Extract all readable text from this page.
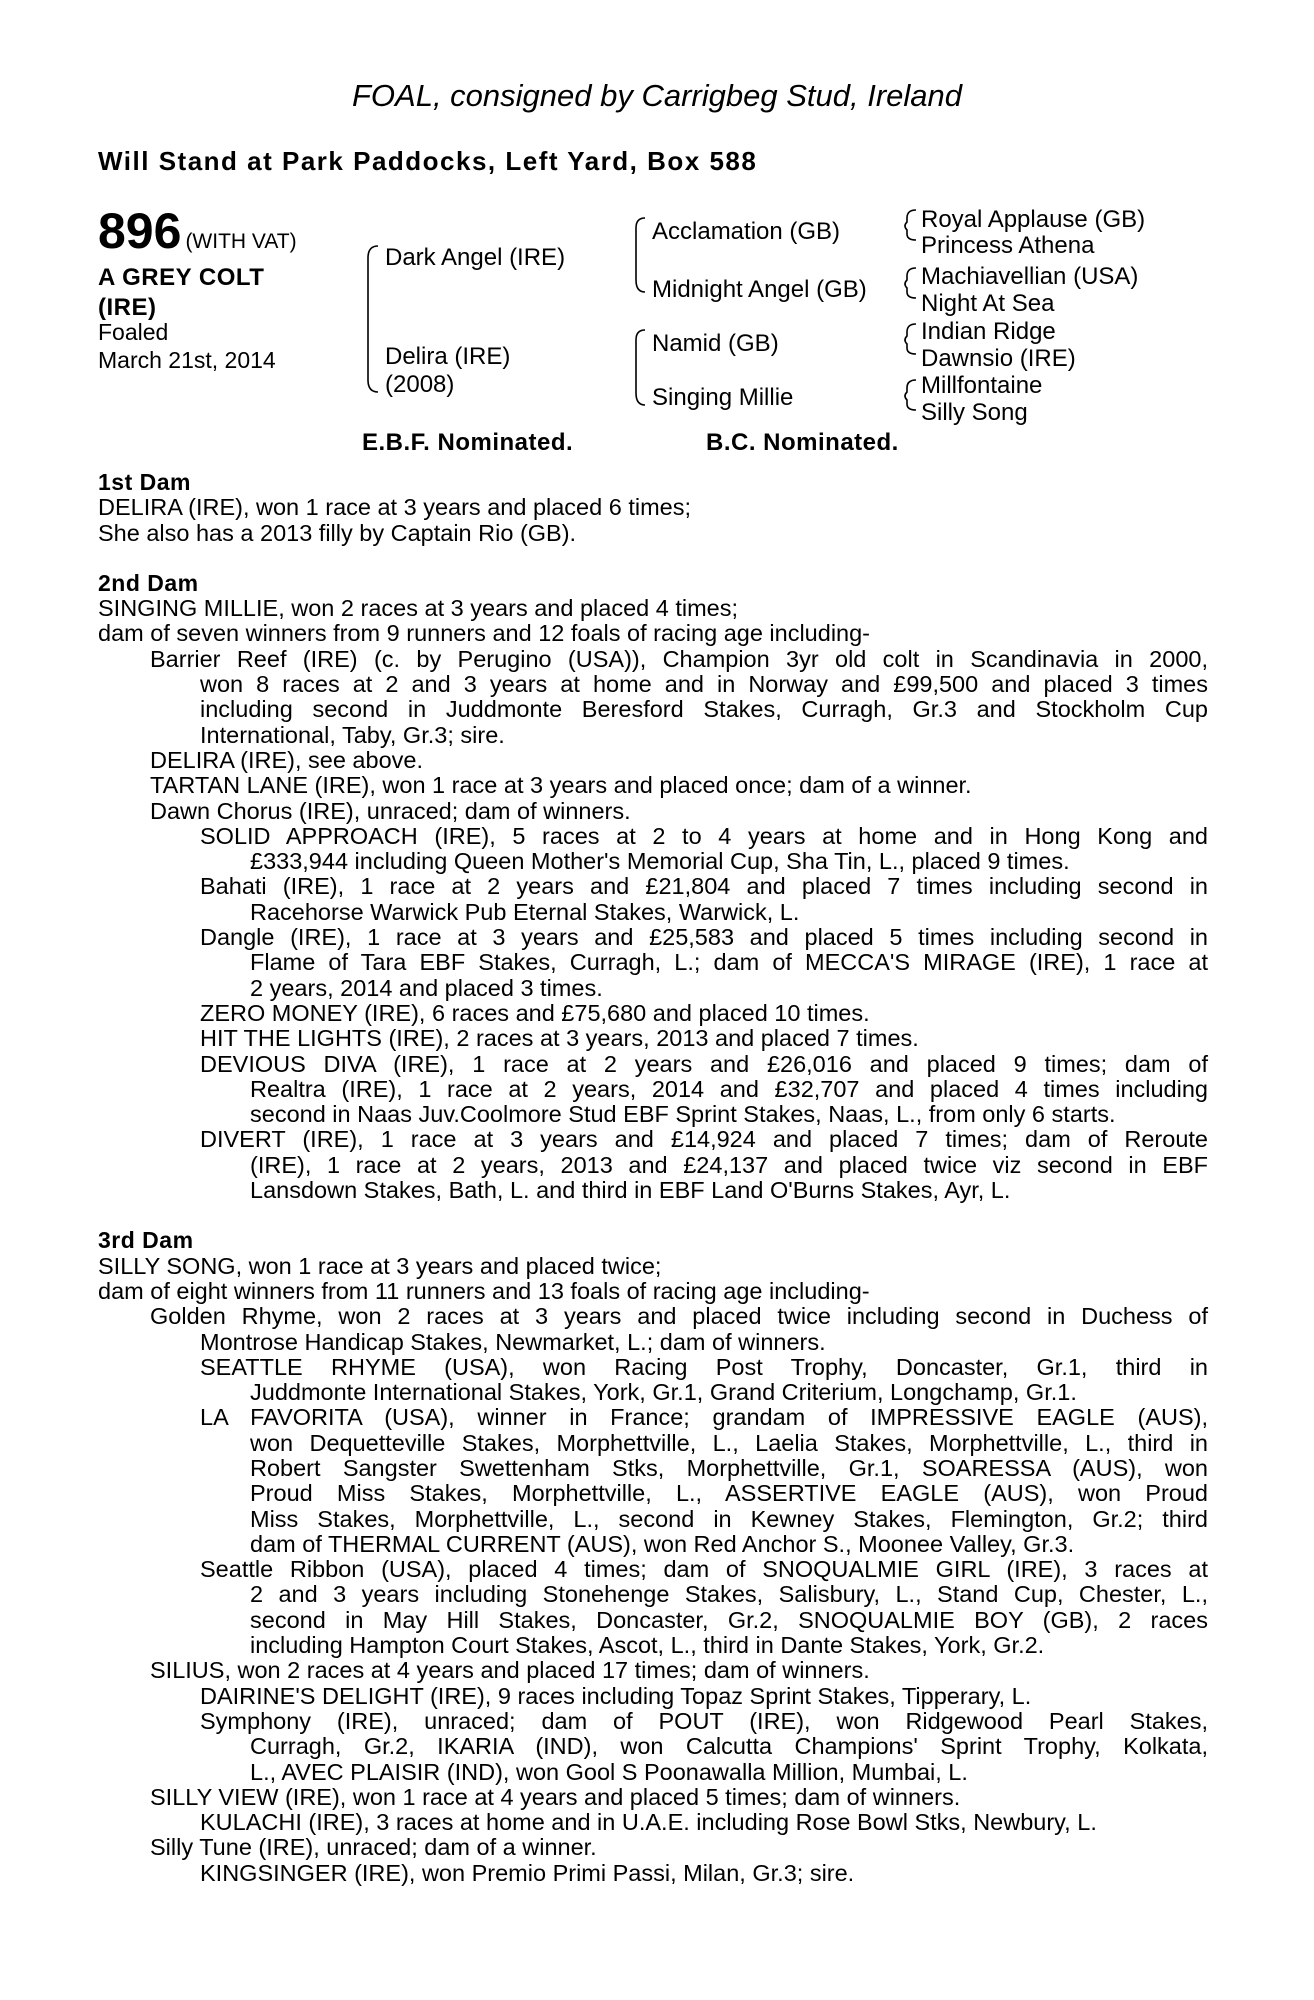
FOAL, consigned by Carrigbeg Stud, Ireland
Will Stand at Park Paddocks, Left Yard, Box 588
896 (WITH VAT)
A GREY COLT
(IRE)
Foaled
March 21st, 2014
Dark Angel (IRE)
Delira (IRE)
(2008)
Acclamation (GB)
Midnight Angel (GB)
Namid (GB)
Singing Millie
Royal Applause (GB)
Princess Athena
Machiavellian (USA)
Night At Sea
Indian Ridge
Dawnsio (IRE)
Millfontaine
Silly Song
E.B.F. Nominated.	B.C. Nominated.
1st Dam
DELIRA (IRE), won 1 race at 3 years and placed 6 times;
She also has a 2013 filly by Captain Rio (GB).
2nd Dam
SINGING MILLIE, won 2 races at 3 years and placed 4 times;
dam of seven winners from 9 runners and 12 foals of racing age including-
Barrier Reef (IRE) (c. by Perugino (USA)), Champion 3yr old colt in Scandinavia in 2000,
won 8 races at 2 and 3 years at home and in Norway and £99,500 and placed 3 times
including second in Juddmonte Beresford Stakes, Curragh, Gr.3 and Stockholm Cup
International, Taby, Gr.3; sire.
DELIRA (IRE), see above.
TARTAN LANE (IRE), won 1 race at 3 years and placed once; dam of a winner.
Dawn Chorus (IRE), unraced; dam of winners.
SOLID APPROACH (IRE), 5 races at 2 to 4 years at home and in Hong Kong and
£333,944 including Queen Mother's Memorial Cup, Sha Tin, L., placed 9 times.
Bahati (IRE), 1 race at 2 years and £21,804 and placed 7 times including second in
Racehorse Warwick Pub Eternal Stakes, Warwick, L.
Dangle (IRE), 1 race at 3 years and £25,583 and placed 5 times including second in
Flame of Tara EBF Stakes, Curragh, L.; dam of MECCA'S MIRAGE (IRE), 1 race at
2 years, 2014 and placed 3 times.
ZERO MONEY (IRE), 6 races and £75,680 and placed 10 times.
HIT THE LIGHTS (IRE), 2 races at 3 years, 2013 and placed 7 times.
DEVIOUS DIVA (IRE), 1 race at 2 years and £26,016 and placed 9 times; dam of
Realtra (IRE), 1 race at 2 years, 2014 and £32,707 and placed 4 times including
second in Naas Juv.Coolmore Stud EBF Sprint Stakes, Naas, L., from only 6 starts.
DIVERT (IRE), 1 race at 3 years and £14,924 and placed 7 times; dam of Reroute
(IRE), 1 race at 2 years, 2013 and £24,137 and placed twice viz second in EBF
Lansdown Stakes, Bath, L. and third in EBF Land O'Burns Stakes, Ayr, L.
3rd Dam
SILLY SONG, won 1 race at 3 years and placed twice;
dam of eight winners from 11 runners and 13 foals of racing age including-
Golden Rhyme, won 2 races at 3 years and placed twice including second in Duchess of
Montrose Handicap Stakes, Newmarket, L.; dam of winners.
SEATTLE RHYME (USA), won Racing Post Trophy, Doncaster, Gr.1, third in
Juddmonte International Stakes, York, Gr.1, Grand Criterium, Longchamp, Gr.1.
LA FAVORITA (USA), winner in France; grandam of IMPRESSIVE EAGLE (AUS),
won Dequetteville Stakes, Morphettville, L., Laelia Stakes, Morphettville, L., third in
Robert Sangster Swettenham Stks, Morphettville, Gr.1, SOARESSA (AUS), won
Proud Miss Stakes, Morphettville, L., ASSERTIVE EAGLE (AUS), won Proud
Miss Stakes, Morphettville, L., second in Kewney Stakes, Flemington, Gr.2; third
dam of THERMAL CURRENT (AUS), won Red Anchor S., Moonee Valley, Gr.3.
Seattle Ribbon (USA), placed 4 times; dam of SNOQUALMIE GIRL (IRE), 3 races at
2 and 3 years including Stonehenge Stakes, Salisbury, L., Stand Cup, Chester, L.,
second in May Hill Stakes, Doncaster, Gr.2, SNOQUALMIE BOY (GB), 2 races
including Hampton Court Stakes, Ascot, L., third in Dante Stakes, York, Gr.2.
SILIUS, won 2 races at 4 years and placed 17 times; dam of winners.
DAIRINE'S DELIGHT (IRE), 9 races including Topaz Sprint Stakes, Tipperary, L.
Symphony (IRE), unraced; dam of POUT (IRE), won Ridgewood Pearl Stakes,
Curragh, Gr.2, IKARIA (IND), won Calcutta Champions' Sprint Trophy, Kolkata,
L., AVEC PLAISIR (IND), won Gool S Poonawalla Million, Mumbai, L.
SILLY VIEW (IRE), won 1 race at 4 years and placed 5 times; dam of winners.
KULACHI (IRE), 3 races at home and in U.A.E. including Rose Bowl Stks, Newbury, L.
Silly Tune (IRE), unraced; dam of a winner.
KINGSINGER (IRE), won Premio Primi Passi, Milan, Gr.3; sire.
